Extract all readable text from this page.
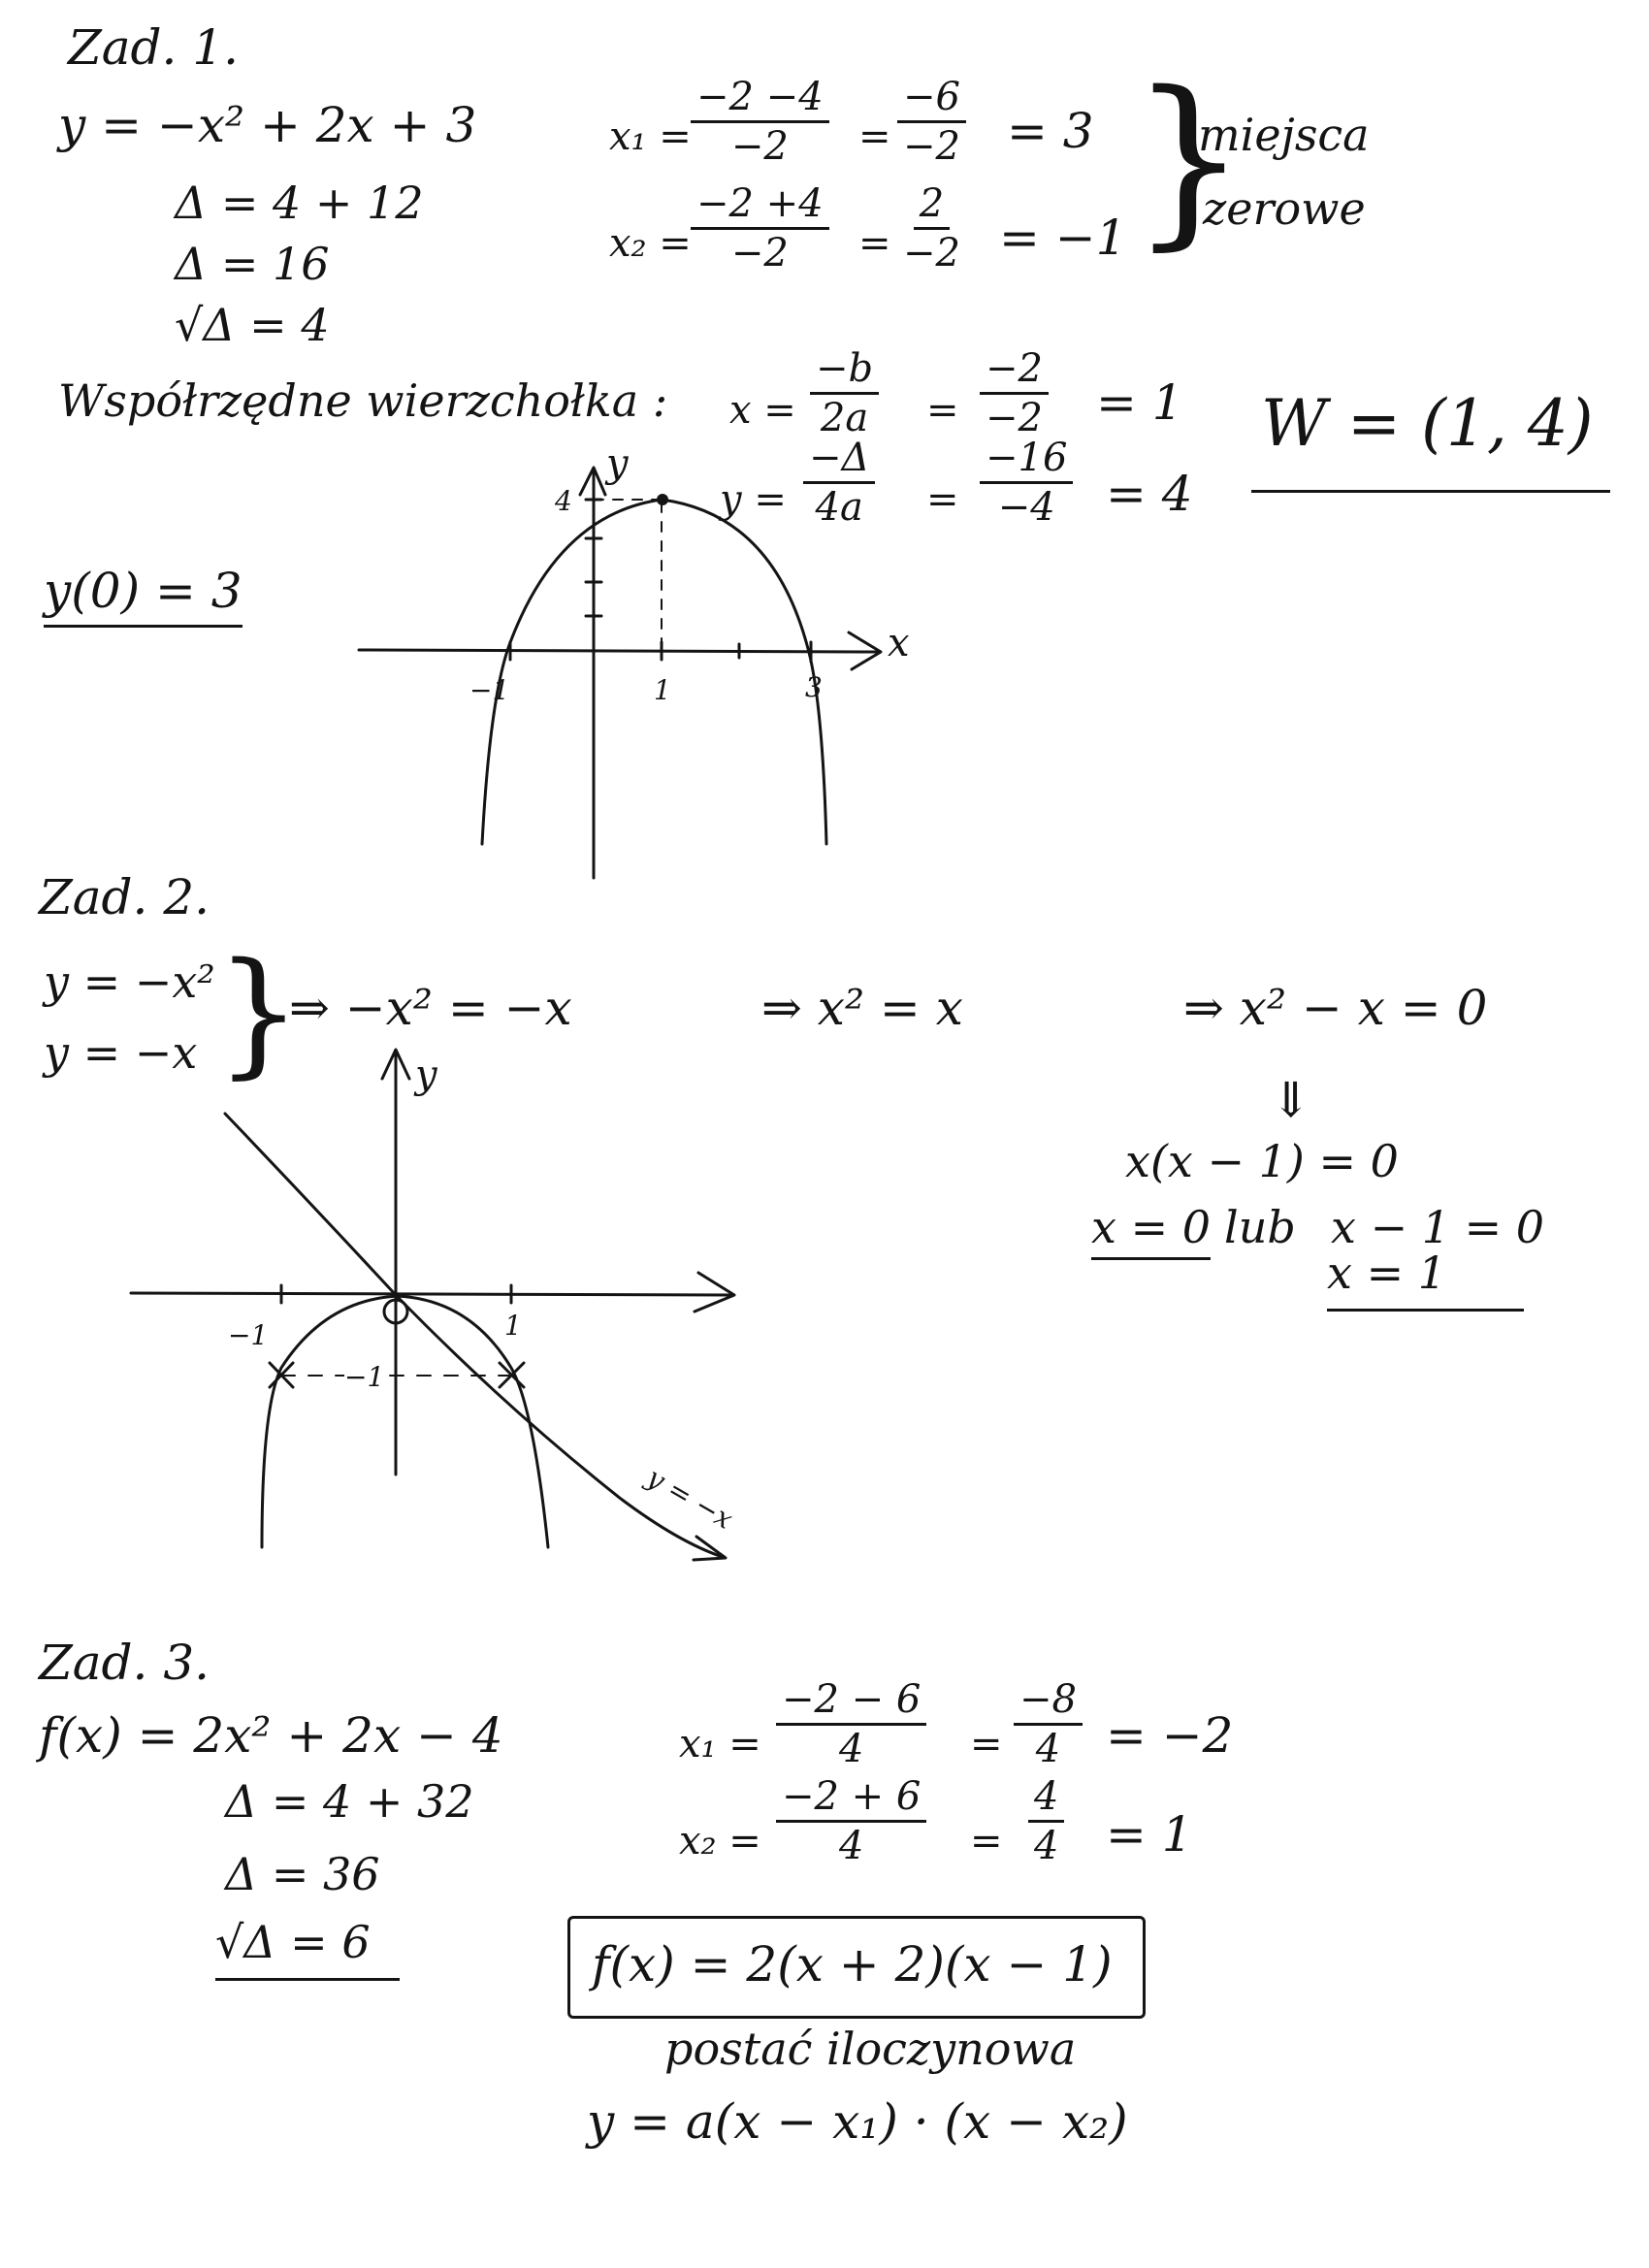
Zad. 1.
y = −x² + 2x + 3
Δ = 4 + 12
Δ = 16
√Δ = 4
$x_1 = \frac{-2 -4}{-2} = \frac{-6}{-2} = 3$
$x_2 = \frac{-2 +4}{-2} = \frac{2}{-2} = -1$ }
miejsca
zerowe
Współrzędne wierzchołka : $x = \frac{-b}{2a} = \frac{-2}{-2} = 1$
$y = \frac{-\Delta}{4a} = \frac{-16}{-4} = 4$
W = (1, 4)
y(0) = 3
4
y
x
−1	1	3
Zad. 2.
y = −x²
y = −x }
⇒ −x² = −x	⇒ x² = x	⇒ x² − x = 0
⇓
x(x − 1) = 0
x = 0 lub x − 1 = 0
x = 1
y
−1	1
−1
y = −x
Zad. 3.
f(x) = 2x² + 2x − 4
Δ = 4 + 32
Δ = 36
√Δ = 6
$x_1 = \frac{-2 - 6}{4} = \frac{-8}{4} = -2$
$x_2 = \frac{-2 + 6}{4} = \frac{4}{4} = 1$
f(x) = 2(x + 2)(x − 1)
postać iloczynowa
y = a(x − x₁) · (x − x₂)
